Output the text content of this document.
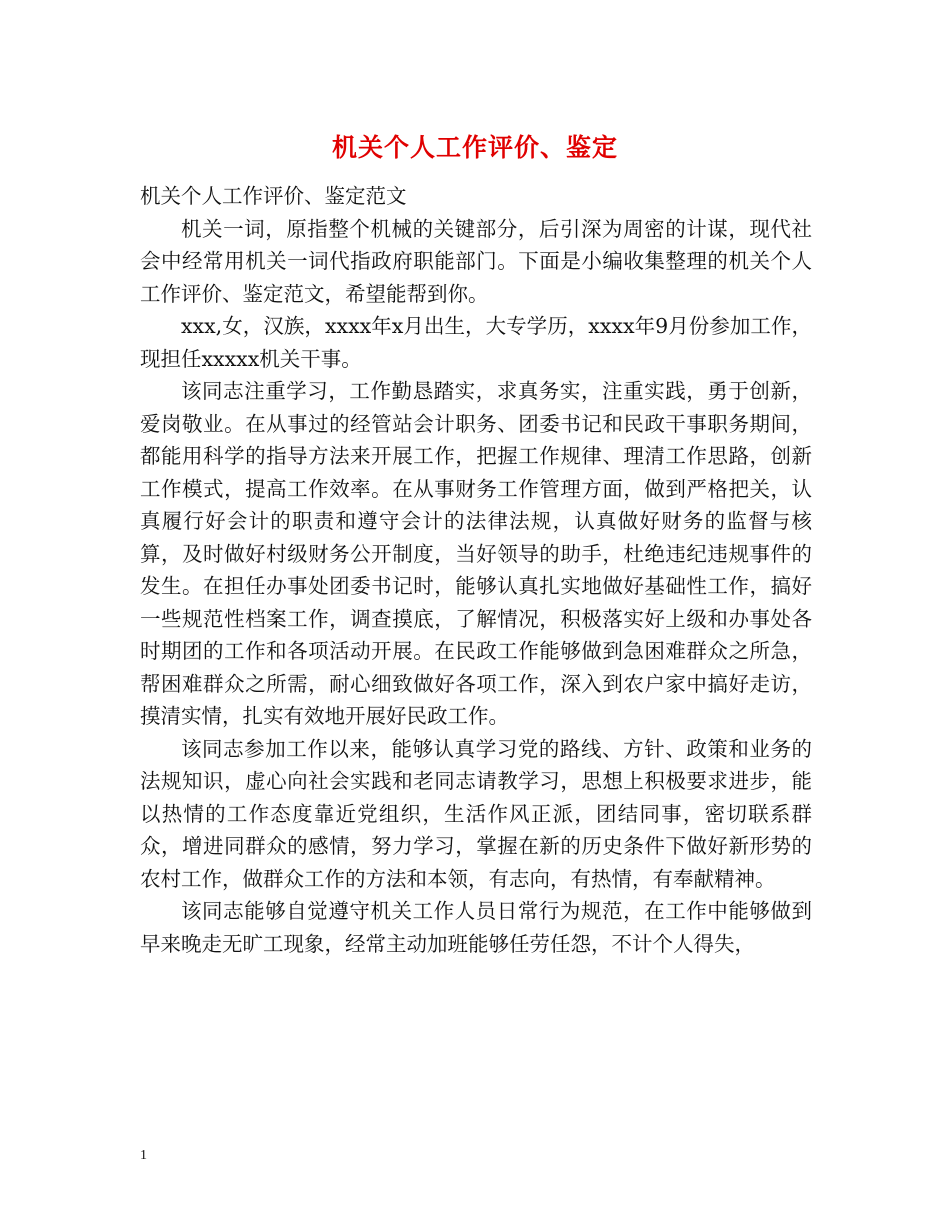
机关个人工作评价、鉴定

机关个人工作评价、鉴定范文

机关一词，原指整个机械的关键部分，后引深为周密的计谋，现代社会中经常用机关一词代指政府职能部门。下面是小编收集整理的机关个人工作评价、鉴定范文，希望能帮到你。

xxx,女，汉族，xxxx年x月出生，大专学历，xxxx年9月份参加工作，现担任xxxxx机关干事。

该同志注重学习，工作勤恳踏实，求真务实，注重实践，勇于创新，爱岗敬业。在从事过的经管站会计职务、团委书记和民政干事职务期间，都能用科学的指导方法来开展工作，把握工作规律、理清工作思路，创新工作模式，提高工作效率。在从事财务工作管理方面，做到严格把关，认真履行好会计的职责和遵守会计的法律法规，认真做好财务的监督与核算，及时做好村级财务公开制度，当好领导的助手，杜绝违纪违规事件的发生。在担任办事处团委书记时，能够认真扎实地做好基础性工作，搞好一些规范性档案工作，调查摸底，了解情况，积极落实好上级和办事处各时期团的工作和各项活动开展。在民政工作能够做到急困难群众之所急，帮困难群众之所需，耐心细致做好各项工作，深入到农户家中搞好走访，摸清实情，扎实有效地开展好民政工作。

该同志参加工作以来，能够认真学习党的路线、方针、政策和业务的法规知识，虚心向社会实践和老同志请教学习，思想上积极要求进步，能以热情的工作态度靠近党组织，生活作风正派，团结同事，密切联系群众，增进同群众的感情，努力学习，掌握在新的历史条件下做好新形势的农村工作，做群众工作的方法和本领，有志向，有热情，有奉献精神。

该同志能够自觉遵守机关工作人员日常行为规范，在工作中能够做到早来晚走无旷工现象，经常主动加班能够任劳任怨，不计个人得失，

1
